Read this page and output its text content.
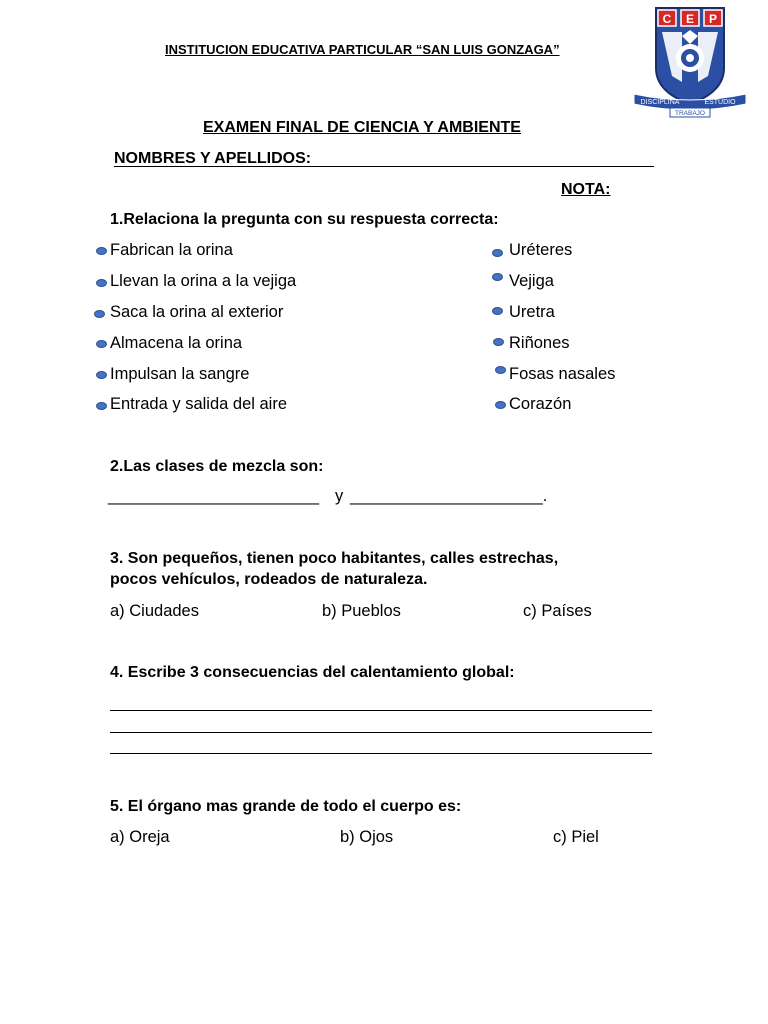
INSTITUCION EDUCATIVA PARTICULAR “SAN LUIS GONZAGA”
C E P
DISCIPLINA	ESTUDIO
TRABAJO
EXAMEN FINAL DE CIENCIA Y AMBIENTE
NOMBRES Y APELLIDOS:
NOTA:
1.Relaciona la pregunta con su respuesta correcta:
Fabrican la orina
Llevan la orina a la vejiga
Saca la orina al exterior
Almacena la orina
Impulsan la sangre
Entrada y salida del aire
Uréteres
Vejiga
Uretra
Riñones
Fosas nasales
Corazón
2.Las clases de mezcla son:
_______________________ y _____________________.
3. Son pequeños, tienen poco habitantes, calles estrechas,
pocos vehículos, rodeados de naturaleza.
a) Ciudades	b) Pueblos	c) Países
4. Escribe 3 consecuencias del calentamiento global:
5. El órgano mas grande de todo el cuerpo es:
a) Oreja	b) Ojos	c) Piel
